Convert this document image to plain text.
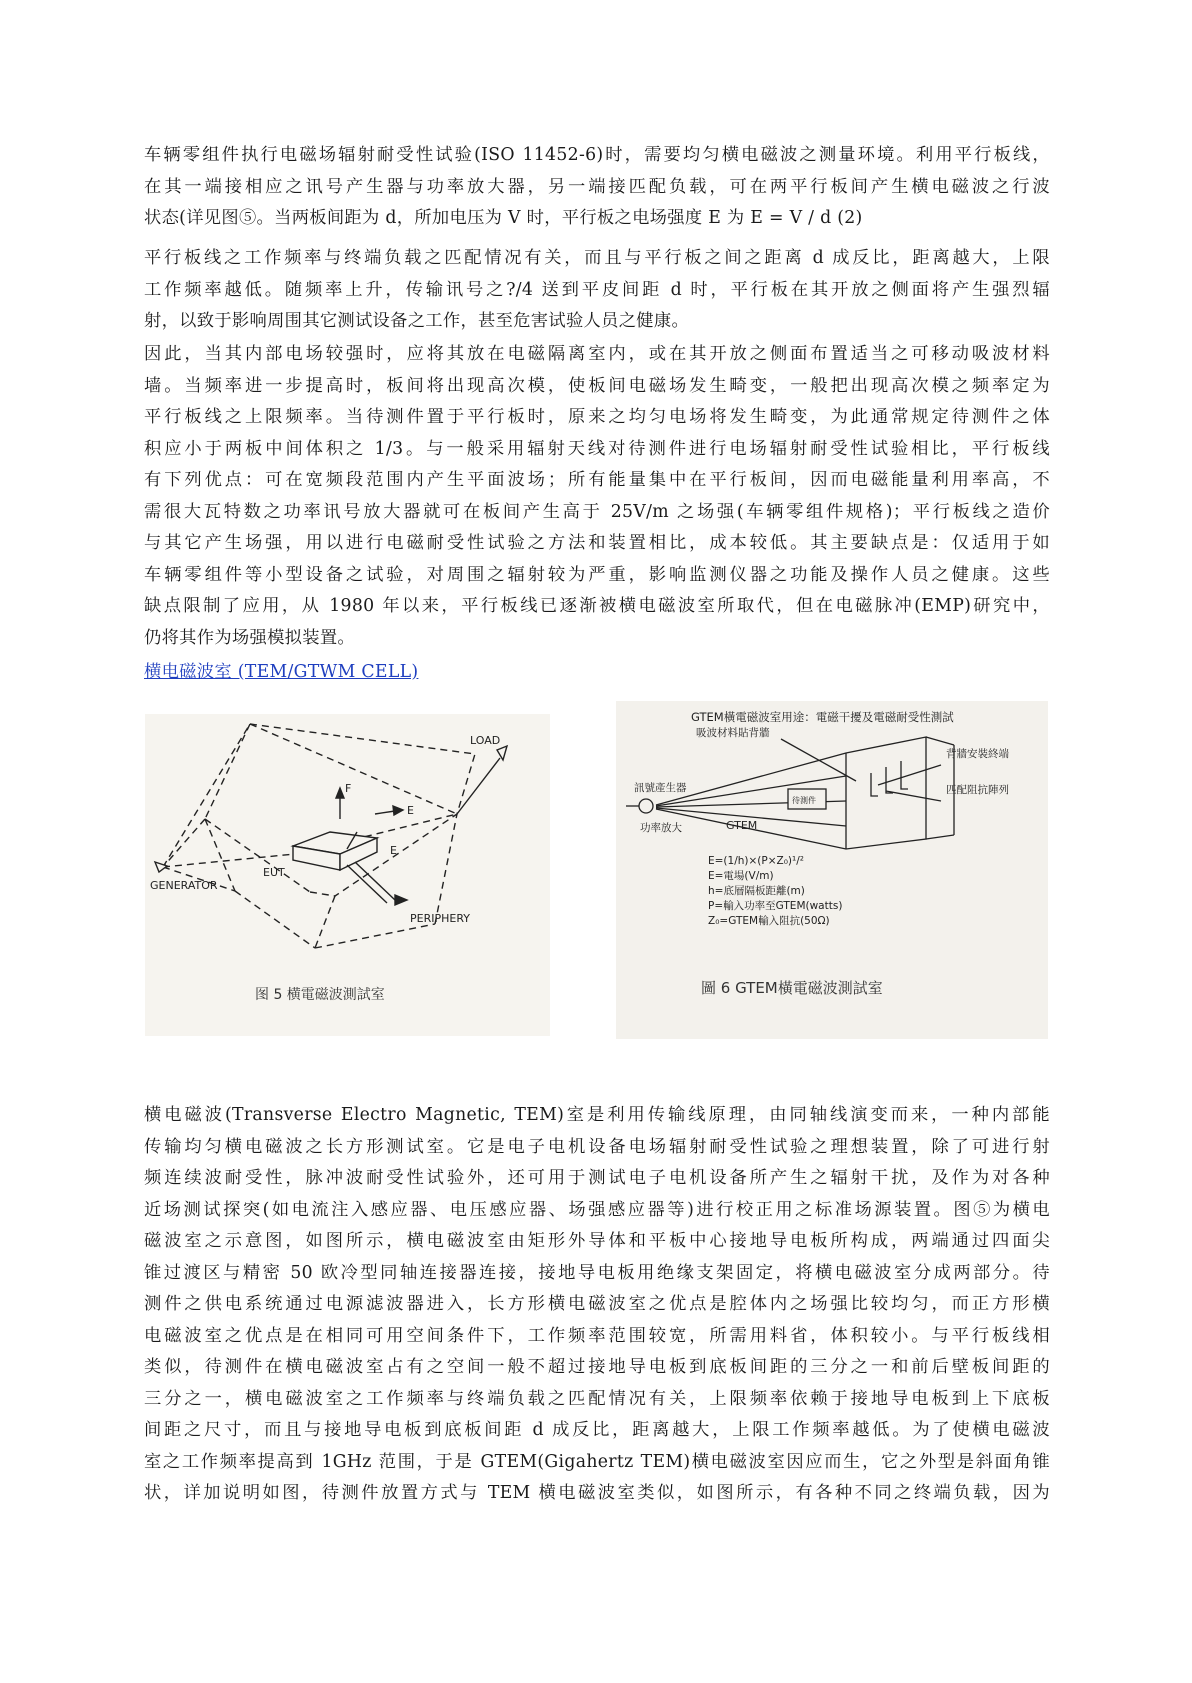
车辆零组件执行电磁场辐射耐受性试验(ISO 11452-6)时，需要均匀横电磁波之测量环境。利用平行板线，
在其一端接相应之讯号产生器与功率放大器，另一端接匹配负载，可在两平行板间产生横电磁波之行波
状态(详见图⑤。当两板间距为 d，所加电压为 V 时，平行板之电场强度 E 为 E = V / d (2)
平行板线之工作频率与终端负载之匹配情况有关，而且与平行板之间之距离 d 成反比，距离越大，上限
工作频率越低。随频率上升，传输讯号之?/4 送到平皮间距 d 时，平行板在其开放之侧面将产生强烈辐
射，以致于影响周围其它测试设备之工作，甚至危害试验人员之健康。
因此，当其内部电场较强时，应将其放在电磁隔离室内，或在其开放之侧面布置适当之可移动吸波材料
墙。当频率进一步提高时，板间将出现高次模，使板间电磁场发生畸变，一般把出现高次模之频率定为
平行板线之上限频率。当待测件置于平行板时，原来之均匀电场将发生畸变，为此通常规定待测件之体
积应小于两板中间体积之 1/3。与一般采用辐射天线对待测件进行电场辐射耐受性试验相比，平行板线
有下列优点：可在宽频段范围内产生平面波场；所有能量集中在平行板间，因而电磁能量利用率高，不
需很大瓦特数之功率讯号放大器就可在板间产生高于 25V/m 之场强(车辆零组件规格)；平行板线之造价
与其它产生场强，用以进行电磁耐受性试验之方法和装置相比，成本较低。其主要缺点是：仅适用于如
车辆零组件等小型设备之试验，对周围之辐射较为严重，影响监测仪器之功能及操作人员之健康。这些
缺点限制了应用，从 1980 年以来，平行板线已逐渐被横电磁波室所取代，但在电磁脉冲(EMP)研究中，
仍将其作为场强模拟装置。
横电磁波室 (TEM/GTWM CELL)
LOAD
GENERATOR
EUT
PERIPHERY
F
E
E
图 5 横電磁波測試室
GTEM橫電磁波室用途：電磁干擾及電磁耐受性測試
吸波材料貼背牆
背牆安裝終端
匹配阻抗陣列
訊號產生器
功率放大	GTEM
待測件
E=(1/h)×(P×Z₀)¹/²
E=電場(V/m)
h=底層隔板距離(m)
P=輸入功率至GTEM(watts)
Z₀=GTEM輸入阻抗(50Ω)
圖 6 GTEM橫電磁波測試室
横电磁波(Transverse Electro Magnetic, TEM)室是利用传输线原理，由同轴线演变而来，一种内部能
传输均匀横电磁波之长方形测试室。它是电子电机设备电场辐射耐受性试验之理想装置，除了可进行射
频连续波耐受性，脉冲波耐受性试验外，还可用于测试电子电机设备所产生之辐射干扰，及作为对各种
近场测试探突(如电流注入感应器、电压感应器、场强感应器等)进行校正用之标准场源装置。图⑤为横电
磁波室之示意图，如图所示，横电磁波室由矩形外导体和平板中心接地导电板所构成，两端通过四面尖
锥过渡区与精密 50 欧冷型同轴连接器连接，接地导电板用绝缘支架固定，将横电磁波室分成两部分。待
测件之供电系统通过电源滤波器进入，长方形横电磁波室之优点是腔体内之场强比较均匀，而正方形横
电磁波室之优点是在相同可用空间条件下，工作频率范围较宽，所需用料省，体积较小。与平行板线相
类似，待测件在横电磁波室占有之空间一般不超过接地导电板到底板间距的三分之一和前后壁板间距的
三分之一，横电磁波室之工作频率与终端负载之匹配情况有关，上限频率依赖于接地导电板到上下底板
间距之尺寸，而且与接地导电板到底板间距 d 成反比，距离越大，上限工作频率越低。为了使横电磁波
室之工作频率提高到 1GHz 范围，于是 GTEM(Gigahertz TEM)横电磁波室因应而生，它之外型是斜面角锥
状，详加说明如图，待测件放置方式与 TEM 横电磁波室类似，如图所示，有各种不同之终端负载，因为
